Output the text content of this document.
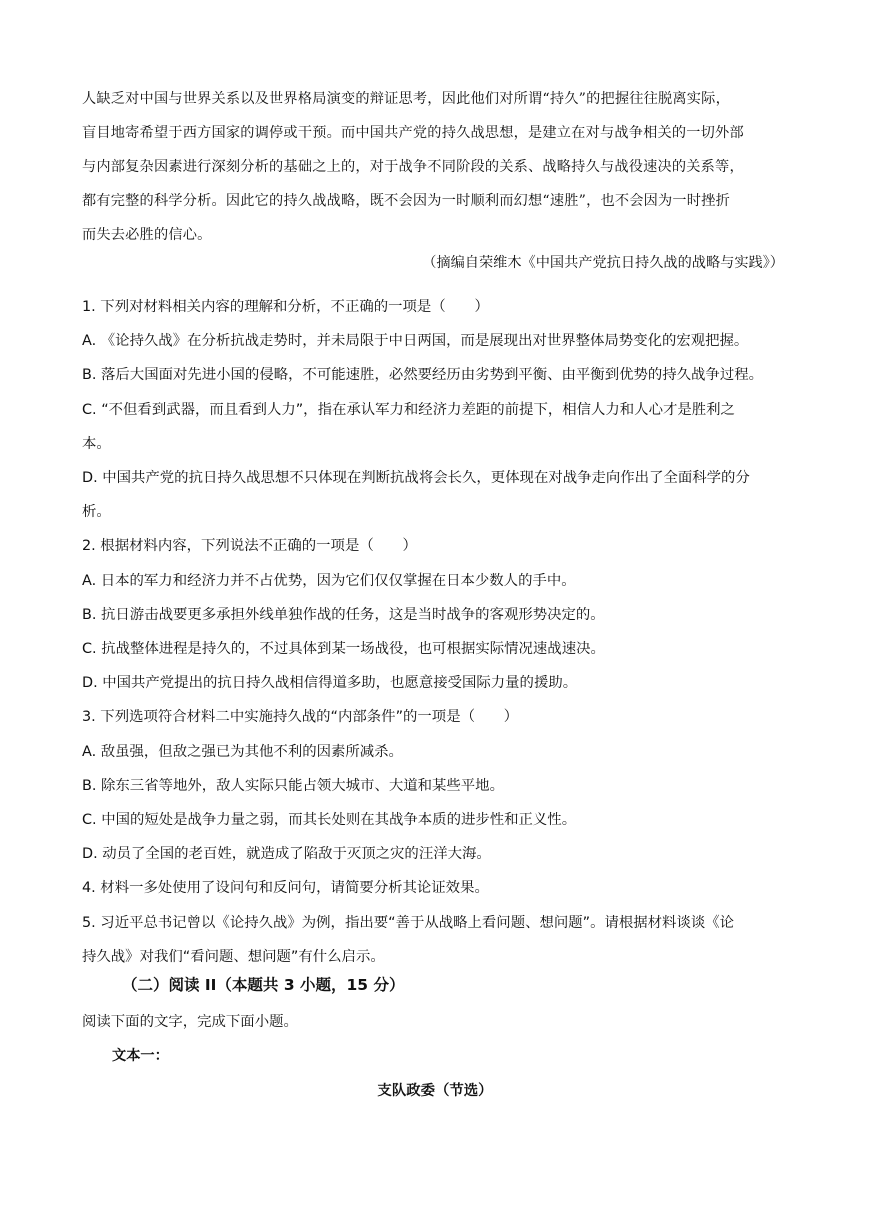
人缺乏对中国与世界关系以及世界格局演变的辩证思考，因此他们对所谓“持久”的把握往往脱离实际，
盲目地寄希望于西方国家的调停或干预。而中国共产党的持久战思想，是建立在对与战争相关的一切外部
与内部复杂因素进行深刻分析的基础之上的，对于战争不同阶段的关系、战略持久与战役速决的关系等，
都有完整的科学分析。因此它的持久战战略，既不会因为一时顺利而幻想“速胜”，也不会因为一时挫折
而失去必胜的信心。
（摘编自荣维木《中国共产党抗日持久战的战略与实践》）
1. 下列对材料相关内容的理解和分析，不正确的一项是（　　）
A. 《论持久战》在分析抗战走势时，并未局限于中日两国，而是展现出对世界整体局势变化的宏观把握。
B. 落后大国面对先进小国的侵略，不可能速胜，必然要经历由劣势到平衡、由平衡到优势的持久战争过程。
C. “不但看到武器，而且看到人力”，指在承认军力和经济力差距的前提下，相信人力和人心才是胜利之
本。
D. 中国共产党的抗日持久战思想不只体现在判断抗战将会长久，更体现在对战争走向作出了全面科学的分
析。
2. 根据材料内容，下列说法不正确的一项是（　　）
A. 日本的军力和经济力并不占优势，因为它们仅仅掌握在日本少数人的手中。
B. 抗日游击战要更多承担外线单独作战的任务，这是当时战争的客观形势决定的。
C. 抗战整体进程是持久的，不过具体到某一场战役，也可根据实际情况速战速决。
D. 中国共产党提出的抗日持久战相信得道多助，也愿意接受国际力量的援助。
3. 下列选项符合材料二中实施持久战的“内部条件”的一项是（　　）
A. 敌虽强，但敌之强已为其他不利的因素所减杀。
B. 除东三省等地外，敌人实际只能占领大城市、大道和某些平地。
C. 中国的短处是战争力量之弱，而其长处则在其战争本质的进步性和正义性。
D. 动员了全国的老百姓，就造成了陷敌于灭顶之灾的汪洋大海。
4. 材料一多处使用了设问句和反问句，请简要分析其论证效果。
5. 习近平总书记曾以《论持久战》为例，指出要“善于从战略上看问题、想问题”。请根据材料谈谈《论
持久战》对我们“看问题、想问题”有什么启示。
（二）阅读 II（本题共 3 小题，15 分）
阅读下面的文字，完成下面小题。
文本一：
支队政委（节选）
